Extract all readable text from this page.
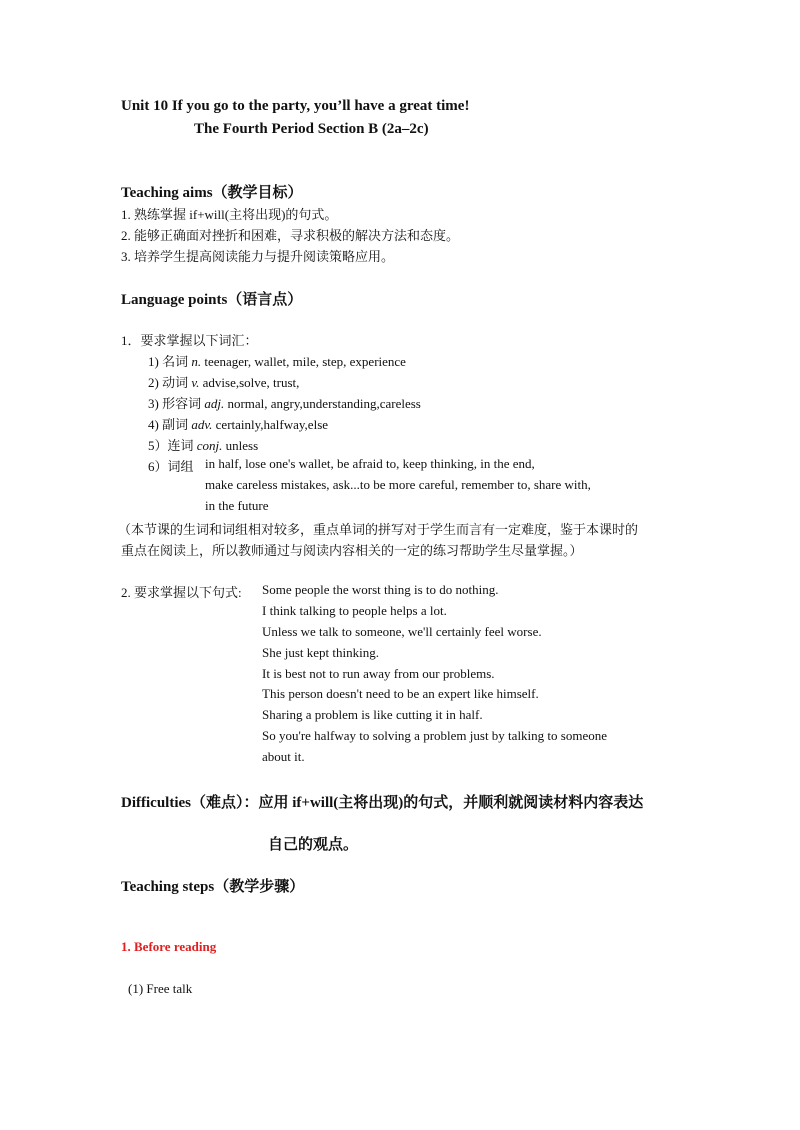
Unit 10 If you go to the party, you’ll have a great time!
The Fourth Period Section B (2a–2c)
Teaching aims（教学目标）
1. 熟练掌握 if+will(主将出现)的句式。
2. 能够正确面对挫折和困难，寻求积极的解决方法和态度。
3. 培养学生提高阅读能力与提升阅读策略应用。
Language points（语言点）
1．要求掌握以下词汇：
1) 名词 n. teenager, wallet, mile, step, experience
2) 动词 v. advise,solve, trust,
3) 形容词 adj. normal, angry,understanding,careless
4) 副词 adv. certainly,halfway,else
5）连词 conj. unless
6）词组 in half, lose one's wallet, be afraid to, keep thinking, in the end,
make careless mistakes, ask...to be more careful, remember to, share with,
in the future
（本节课的生词和词组相对较多，重点单词的拼写对于学生而言有一定难度，鉴于本课时的
重点在阅读上，所以教师通过与阅读内容相关的一定的练习帮助学生尽量掌握。）
2. 要求掌握以下句式: Some people the worst thing is to do nothing.
I think talking to people helps a lot.
Unless we talk to someone, we'll certainly feel worse.
She just kept thinking.
It is best not to run away from our problems.
This person doesn't need to be an expert like himself.
Sharing a problem is like cutting it in half.
So you're halfway to solving a problem just by talking to someone
about it.
Difficulties（难点）：应用 if+will(主将出现)的句式，并顺利就阅读材料内容表达
自己的观点。
Teaching steps（教学步骤）
1. Before reading
(1) Free talk
